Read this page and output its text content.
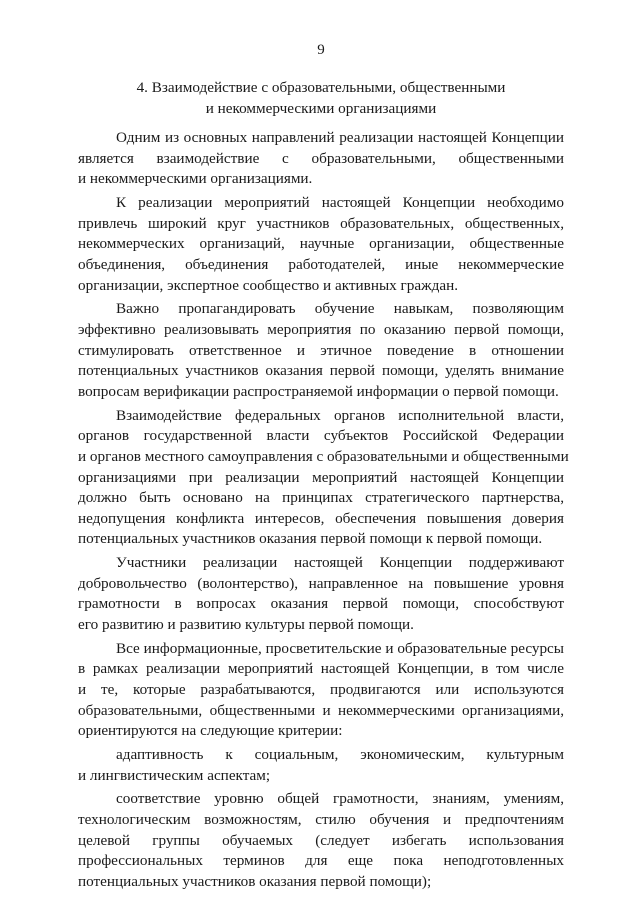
9
4. Взаимодействие с образовательными, общественными
и некоммерческими организациями

Одним из основных направлений реализации настоящей Концепции
является взаимодействие с образовательными, общественными
и некоммерческими организациями.

К реализации мероприятий настоящей Концепции необходимо
привлечь широкий круг участников образовательных, общественных,
некоммерческих организаций, научные организации, общественные
объединения, объединения работодателей, иные некоммерческие
организации, экспертное сообщество и активных граждан.

Важно пропагандировать обучение навыкам, позволяющим
эффективно реализовывать мероприятия по оказанию первой помощи,
стимулировать ответственное и этичное поведение в отношении
потенциальных участников оказания первой помощи, уделять внимание
вопросам верификации распространяемой информации о первой помощи.

Взаимодействие федеральных органов исполнительной власти,
органов государственной власти субъектов Российской Федерации
и органов местного самоуправления с образовательными и общественными
организациями при реализации мероприятий настоящей Концепции
должно быть основано на принципах стратегического партнерства,
недопущения конфликта интересов, обеспечения повышения доверия
потенциальных участников оказания первой помощи к первой помощи.

Участники реализации настоящей Концепции поддерживают
добровольчество (волонтерство), направленное на повышение уровня
грамотности в вопросах оказания первой помощи, способствуют
его развитию и развитию культуры первой помощи.

Все информационные, просветительские и образовательные ресурсы
в рамках реализации мероприятий настоящей Концепции, в том числе
и те, которые разрабатываются, продвигаются или используются
образовательными, общественными и некоммерческими организациями,
ориентируются на следующие критерии:

адаптивность к социальным, экономическим, культурным
и лингвистическим аспектам;

соответствие уровню общей грамотности, знаниям, умениям,
технологическим возможностям, стилю обучения и предпочтениям
целевой группы обучаемых (следует избегать использования
профессиональных терминов для еще пока неподготовленных
потенциальных участников оказания первой помощи);
